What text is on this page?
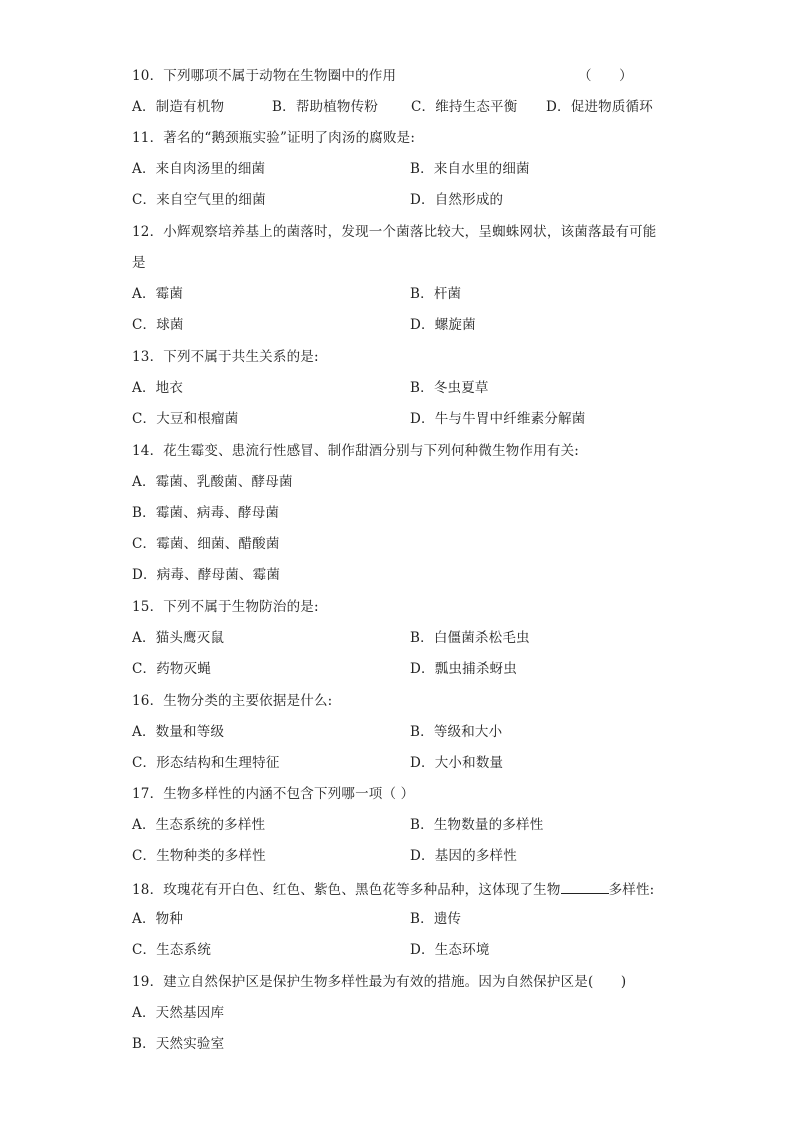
10．下列哪项不属于动物在生物圈中的作用	（　　）
A．制造有机物	B．帮助植物传粉 C．维持生态平衡 D．促进物质循环
11．著名的“鹅颈瓶实验”证明了肉汤的腐败是:
A．来自肉汤里的细菌	B．来自水里的细菌
C．来自空气里的细菌	D．自然形成的
12．小辉观察培养基上的菌落时，发现一个菌落比较大，呈蜘蛛网状，该菌落最有可能
是
A．霉菌	B．杆菌
C．球菌	D．螺旋菌
13．下列不属于共生关系的是:
A．地衣	B．冬虫夏草
C．大豆和根瘤菌	D．牛与牛胃中纤维素分解菌
14．花生霉变、患流行性感冒、制作甜酒分别与下列何种微生物作用有关:
A．霉菌、乳酸菌、酵母菌
B．霉菌、病毒、酵母菌
C．霉菌、细菌、醋酸菌
D．病毒、酵母菌、霉菌
15．下列不属于生物防治的是:
A．猫头鹰灭鼠	B．白僵菌杀松毛虫
C．药物灭蝇	D．瓢虫捕杀蚜虫
16．生物分类的主要依据是什么:
A．数量和等级	B．等级和大小
C．形态结构和生理特征	D．大小和数量
17．生物多样性的内涵不包含下列哪一项（ ）
A．生态系统的多样性	B．生物数量的多样性
C．生物种类的多样性	D．基因的多样性
18．玫瑰花有开白色、红色、紫色、黑色花等多种品种，这体现了生物	多样性:
A．物种	B．遗传
C．生态系统	D．生态环境
19．建立自然保护区是保护生物多样性最为有效的措施。因为自然保护区是(　　)
A．天然基因库
B．天然实验室
